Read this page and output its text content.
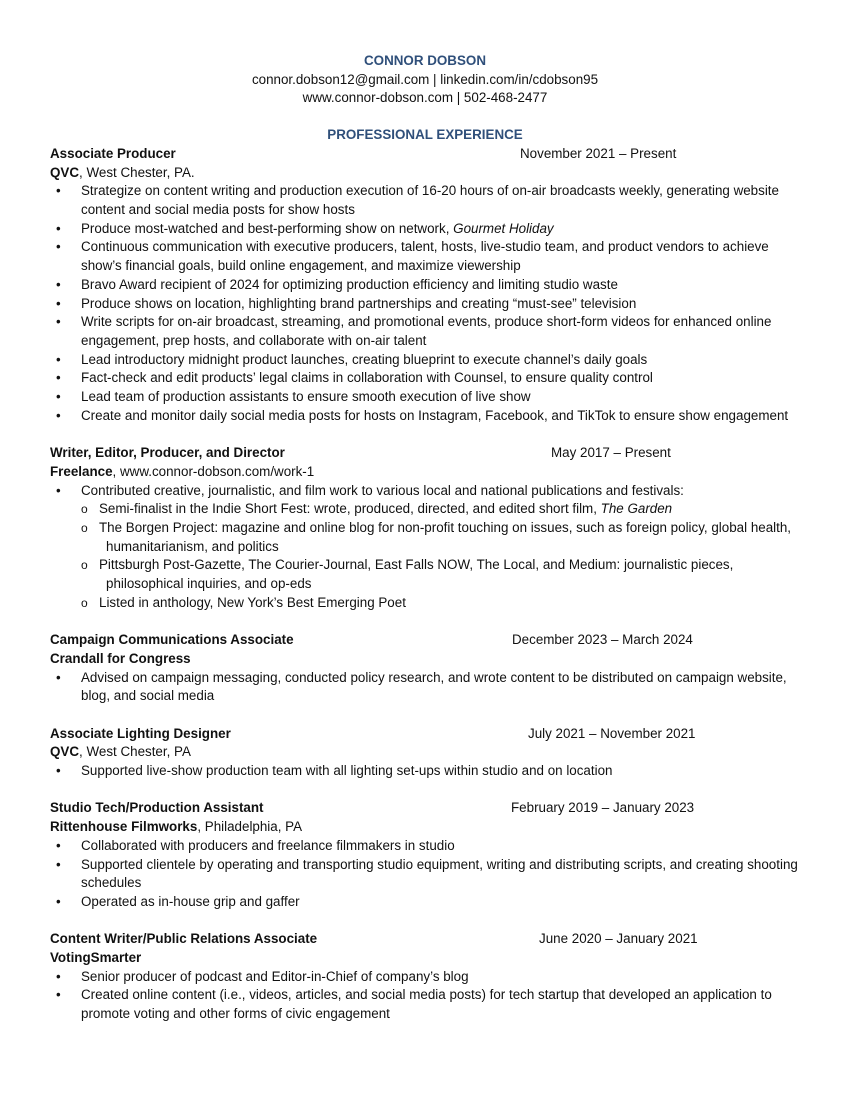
CONNOR DOBSON
connor.dobson12@gmail.com | linkedin.com/in/cdobson95
www.connor-dobson.com | 502-468-2477
PROFESSIONAL EXPERIENCE
Associate Producer	November 2021 – Present
QVC, West Chester, PA.
• Strategize on content writing and production execution of 16-20 hours of on-air broadcasts weekly, generating website content and social media posts for show hosts
• Produce most-watched and best-performing show on network, Gourmet Holiday
• Continuous communication with executive producers, talent, hosts, live-studio team, and product vendors to achieve show’s financial goals, build online engagement, and maximize viewership
• Bravo Award recipient of 2024 for optimizing production efficiency and limiting studio waste
• Produce shows on location, highlighting brand partnerships and creating “must-see” television
• Write scripts for on-air broadcast, streaming, and promotional events, produce short-form videos for enhanced online engagement, prep hosts, and collaborate with on-air talent
• Lead introductory midnight product launches, creating blueprint to execute channel’s daily goals
• Fact-check and edit products’ legal claims in collaboration with Counsel, to ensure quality control
• Lead team of production assistants to ensure smooth execution of live show
• Create and monitor daily social media posts for hosts on Instagram, Facebook, and TikTok to ensure show engagement
Writer, Editor, Producer, and Director	May 2017 – Present
Freelance, www.connor-dobson.com/work-1
• Contributed creative, journalistic, and film work to various local and national publications and festivals:
o Semi-finalist in the Indie Short Fest: wrote, produced, directed, and edited short film, The Garden
o The Borgen Project: magazine and online blog for non-profit touching on issues, such as foreign policy, global health, humanitarianism, and politics
o Pittsburgh Post-Gazette, The Courier-Journal, East Falls NOW, The Local, and Medium: journalistic pieces, philosophical inquiries, and op-eds
o Listed in anthology, New York’s Best Emerging Poet
Campaign Communications Associate	December 2023 – March 2024
Crandall for Congress
• Advised on campaign messaging, conducted policy research, and wrote content to be distributed on campaign website, blog, and social media
Associate Lighting Designer	July 2021 – November 2021
QVC, West Chester, PA
• Supported live-show production team with all lighting set-ups within studio and on location
Studio Tech/Production Assistant	February 2019 – January 2023
Rittenhouse Filmworks, Philadelphia, PA
• Collaborated with producers and freelance filmmakers in studio
• Supported clientele by operating and transporting studio equipment, writing and distributing scripts, and creating shooting schedules
• Operated as in-house grip and gaffer
Content Writer/Public Relations Associate	June 2020 – January 2021
VotingSmarter
• Senior producer of podcast and Editor-in-Chief of company’s blog
• Created online content (i.e., videos, articles, and social media posts) for tech startup that developed an application to promote voting and other forms of civic engagement
